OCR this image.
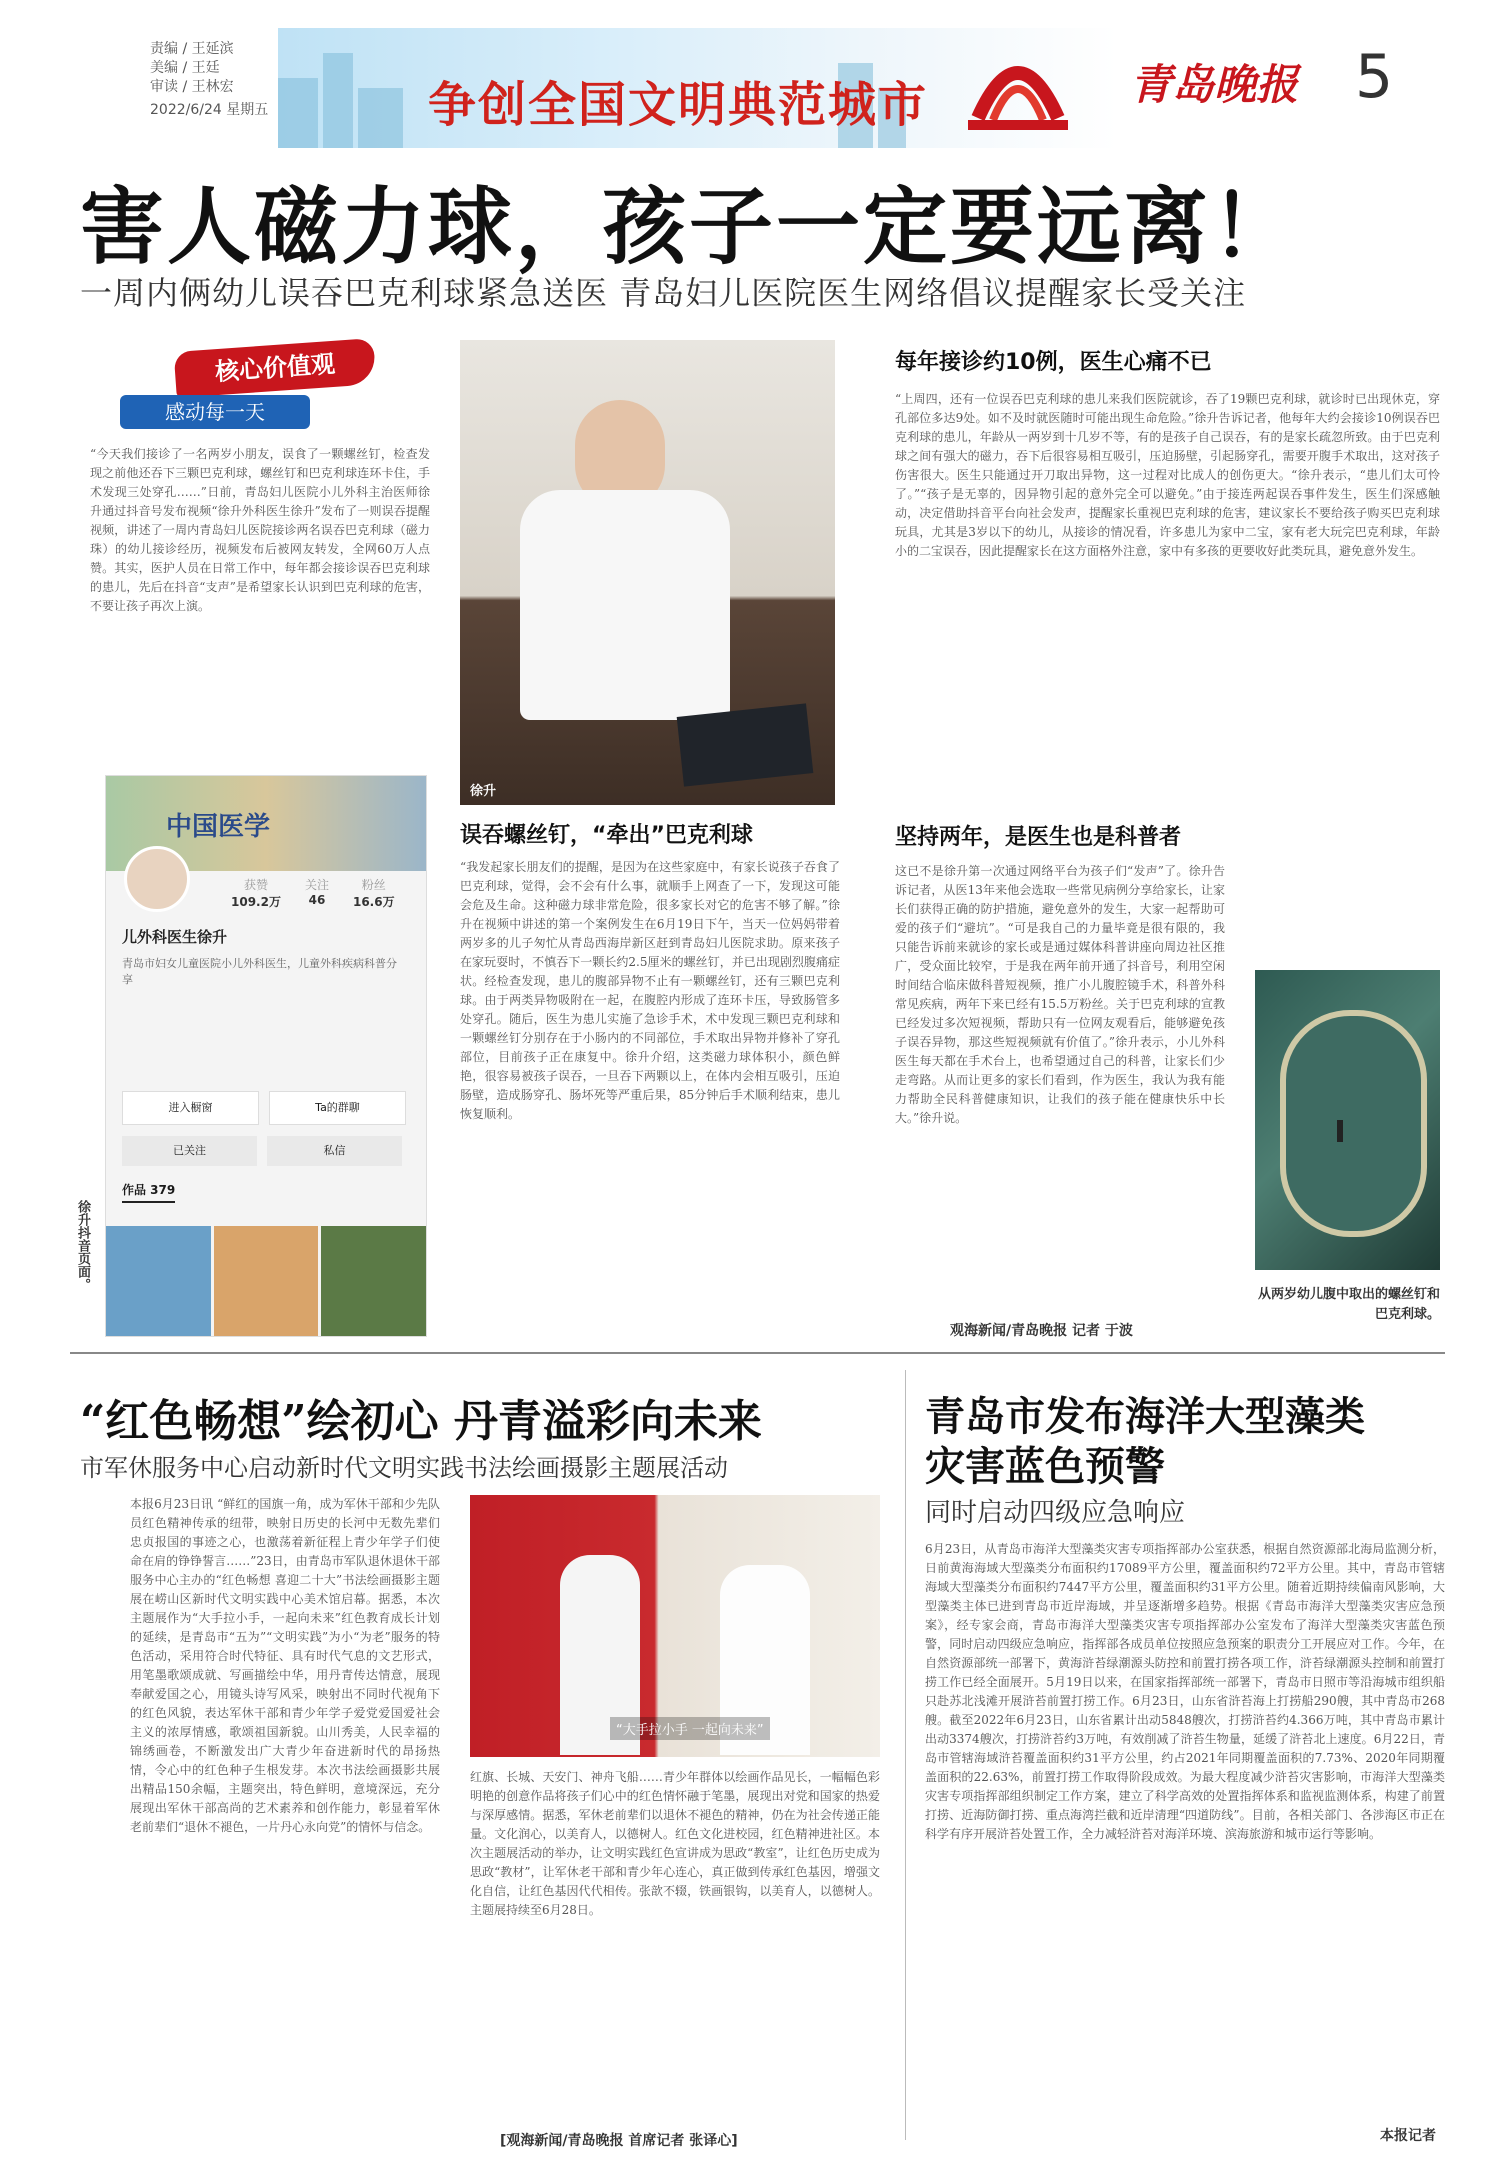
责编 / 王延滨
美编 / 王廷
审读 / 王林宏
2022/6/24 星期五	争创全国文明典范城市	青岛晚报 5
害人磁力球，孩子一定要远离！
一周内俩幼儿误吞巴克利球紧急送医 青岛妇儿医院医生网络倡议提醒家长受关注
核心价值观
感动每一天
“今天我们接诊了一名两岁小朋友，误食了一颗螺丝钉，检查发现之前他还吞下三颗巴克利球，螺丝钉和巴克利球连环卡住，手术发现三处穿孔……”日前，青岛妇儿医院小儿外科主治医师徐升通过抖音号发布视频“徐升外科医生徐升”发布了一则误吞提醒视频，讲述了一周内青岛妇儿医院接诊两名误吞巴克利球（磁力珠）的幼儿接诊经历，视频发布后被网友转发，全网60万人点赞。其实，医护人员在日常工作中，每年都会接诊误吞巴克利球的患儿，先后在抖音“支声”是希望家长认识到巴克利球的危害，不要让孩子再次上演。
中国医学
获赞
109.2万
关注
46
粉丝
16.6万
儿外科医生徐升
青岛市妇女儿童医院小儿外科医生，儿童外科疾病科普分享
进入橱窗	Ta的群聊
已关注	私信
作品 379
徐升抖音页面。
徐升
误吞螺丝钉，“牵出”巴克利球
“我发起家长朋友们的提醒，是因为在这些家庭中，有家长说孩子吞食了巴克利球，觉得，会不会有什么事，就顺手上网查了一下，发现这可能会危及生命。这种磁力球非常危险，很多家长对它的危害不够了解。”徐升在视频中讲述的第一个案例发生在6月19日下午，当天一位妈妈带着两岁多的儿子匆忙从青岛西海岸新区赶到青岛妇儿医院求助。原来孩子在家玩耍时，不慎吞下一颗长约2.5厘米的螺丝钉，并已出现剧烈腹痛症状。经检查发现，患儿的腹部异物不止有一颗螺丝钉，还有三颗巴克利球。由于两类异物吸附在一起，在腹腔内形成了连环卡压，导致肠管多处穿孔。随后，医生为患儿实施了急诊手术，术中发现三颗巴克利球和一颗螺丝钉分别存在于小肠内的不同部位，手术取出异物并修补了穿孔部位，目前孩子正在康复中。徐升介绍，这类磁力球体积小，颜色鲜艳，很容易被孩子误吞，一旦吞下两颗以上，在体内会相互吸引，压迫肠壁，造成肠穿孔、肠坏死等严重后果，85分钟后手术顺利结束，患儿恢复顺利。
每年接诊约10例，医生心痛不已
“上周四，还有一位误吞巴克利球的患儿来我们医院就诊，吞了19颗巴克利球，就诊时已出现休克，穿孔部位多达9处。如不及时就医随时可能出现生命危险。”徐升告诉记者，他每年大约会接诊10例误吞巴克利球的患儿，年龄从一两岁到十几岁不等，有的是孩子自己误吞，有的是家长疏忽所致。由于巴克利球之间有强大的磁力，吞下后很容易相互吸引，压迫肠壁，引起肠穿孔，需要开腹手术取出，这对孩子伤害很大。医生只能通过开刀取出异物，这一过程对比成人的创伤更大。“徐升表示，“患儿们太可怜了。”“孩子是无辜的，因异物引起的意外完全可以避免。”由于接连两起误吞事件发生，医生们深感触动，决定借助抖音平台向社会发声，提醒家长重视巴克利球的危害，建议家长不要给孩子购买巴克利球玩具，尤其是3岁以下的幼儿，从接诊的情况看，许多患儿为家中二宝，家有老大玩完巴克利球，年龄小的二宝误吞，因此提醒家长在这方面格外注意，家中有多孩的更要收好此类玩具，避免意外发生。
坚持两年，是医生也是科普者
这已不是徐升第一次通过网络平台为孩子们“发声”了。徐升告诉记者，从医13年来他会选取一些常见病例分享给家长，让家长们获得正确的防护措施，避免意外的发生，大家一起帮助可爱的孩子们“避坑”。“可是我自己的力量毕竟是很有限的，我只能告诉前来就诊的家长或是通过媒体科普讲座向周边社区推广，受众面比较窄，于是我在两年前开通了抖音号，利用空闲时间结合临床做科普短视频，推广小儿腹腔镜手术，科普外科常见疾病，两年下来已经有15.5万粉丝。关于巴克利球的宣教已经发过多次短视频，帮助只有一位网友观看后，能够避免孩子误吞异物，那这些短视频就有价值了。”徐升表示，小儿外科医生每天都在手术台上，也希望通过自己的科普，让家长们少走弯路。从而让更多的家长们看到，作为医生，我认为我有能力帮助全民科普健康知识，让我们的孩子能在健康快乐中长大。”徐升说。
从两岁幼儿腹中取出的螺丝钉和巴克利球。
观海新闻/青岛晚报 记者 于波
“红色畅想”绘初心 丹青溢彩向未来
市军休服务中心启动新时代文明实践书法绘画摄影主题展活动
本报6月23日讯 “鲜红的国旗一角，成为军休干部和少先队员红色精神传承的纽带，映射日历史的长河中无数先辈们忠贞报国的事迹之心，也激荡着新征程上青少年学子们使命在肩的铮铮誓言……”23日，由青岛市军队退休退休干部服务中心主办的“红色畅想 喜迎二十大”书法绘画摄影主题展在崂山区新时代文明实践中心美术馆启幕。据悉，本次主题展作为“大手拉小手，一起向未来”红色教育成长计划的延续，是青岛市“五为”“文明实践”为小“为老”服务的特色活动，采用符合时代特征、具有时代气息的文艺形式，用笔墨歌颂成就、写画描绘中华，用丹青传达情意，展现奉献爱国之心，用镜头诗写风采，映射出不同时代视角下的红色风貌，表达军休干部和青少年学子爱党爱国爱社会主义的浓厚情感，歌颂祖国新貌。山川秀美，人民幸福的锦绣画卷，不断激发出广大青少年奋进新时代的昂扬热情，令心中的红色种子生根发芽。本次书法绘画摄影共展出精品150余幅，主题突出，特色鲜明，意境深远，充分展现出军休干部高尚的艺术素养和创作能力，彰显着军休老前辈们“退休不褪色，一片丹心永向党”的情怀与信念。
“大手拉小手 一起向未来”
红旗、长城、天安门、神舟飞船……青少年群体以绘画作品见长，一幅幅色彩明艳的创意作品将孩子们心中的红色情怀融于笔墨，展现出对党和国家的热爱与深厚感情。据悉，军休老前辈们以退休不褪色的精神，仍在为社会传递正能量。文化润心，以美育人，以德树人。红色文化进校园，红色精神进社区。本次主题展活动的举办，让文明实践红色宣讲成为思政“教室”，让红色历史成为思政“教材”，让军休老干部和青少年心连心，真正做到传承红色基因，增强文化自信，让红色基因代代相传。张歆不辍，铁画银钩，以美育人，以德树人。主题展持续至6月28日。
[观海新闻/青岛晚报 首席记者 张译心]
青岛市发布海洋大型藻类
灾害蓝色预警
同时启动四级应急响应
6月23日，从青岛市海洋大型藻类灾害专项指挥部办公室获悉，根据自然资源部北海局监测分析，日前黄海海域大型藻类分布面积约17089平方公里，覆盖面积约72平方公里。其中，青岛市管辖海域大型藻类分布面积约7447平方公里，覆盖面积约31平方公里。随着近期持续偏南风影响，大型藻类主体已进到青岛市近岸海域，并呈逐渐增多趋势。根据《青岛市海洋大型藻类灾害应急预案》，经专家会商，青岛市海洋大型藻类灾害专项指挥部办公室发布了海洋大型藻类灾害蓝色预警，同时启动四级应急响应，指挥部各成员单位按照应急预案的职责分工开展应对工作。今年，在自然资源部统一部署下，黄海浒苔绿潮源头防控和前置打捞各项工作，浒苔绿潮源头控制和前置打捞工作已经全面展开。5月19日以来，在国家指挥部统一部署下，青岛市日照市等沿海城市组织船只赴苏北浅滩开展浒苔前置打捞工作。6月23日，山东省浒苔海上打捞船290艘，其中青岛市268艘。截至2022年6月23日，山东省累计出动5848艘次，打捞浒苔约4.366万吨，其中青岛市累计出动3374艘次，打捞浒苔约3万吨，有效削减了浒苔生物量，延缓了浒苔北上速度。6月22日，青岛市管辖海域浒苔覆盖面积约31平方公里，约占2021年同期覆盖面积的7.73%、2020年同期覆盖面积的22.63%，前置打捞工作取得阶段成效。为最大程度减少浒苔灾害影响，市海洋大型藻类灾害专项指挥部组织制定工作方案，建立了科学高效的处置指挥体系和监视监测体系，构建了前置打捞、近海防御打捞、重点海湾拦截和近岸清理“四道防线”。目前，各相关部门、各涉海区市正在科学有序开展浒苔处置工作，全力减轻浒苔对海洋环境、滨海旅游和城市运行等影响。
本报记者
